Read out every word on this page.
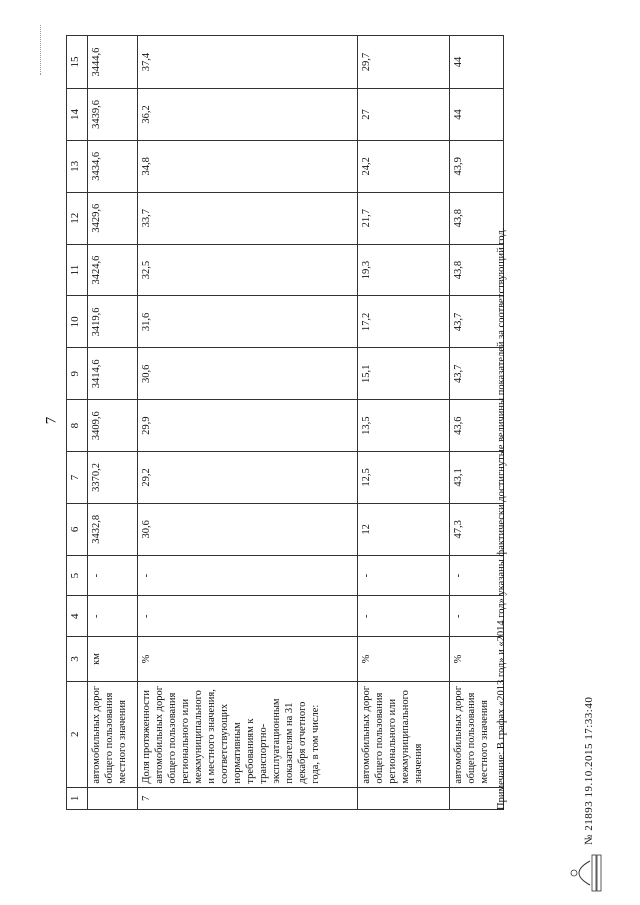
1	2	3	4	5	6	7	8	9	10	11	12	13	14	15
	автомобильных дорог общего пользования местного значения	км	-	-	3432,8	3370,2	3409,6	3414,6	3419,6	3424,6	3429,6	3434,6	3439,6	3444,6
7	Доля протяженности автомобильных дорог общего пользования регионального или межмуниципального и местного значения, соответствующих нормативным требованиям к транспортно-эксплуатационным показателям на 31 декабря отчетного года, в том числе:	%	-	-	30,6	29,2	29,9	30,6	31,6	32,5	33,7	34,8	36,2	37,4
	автомобильных дорог общего пользования регионального или межмуниципального значения	%	-	-	12	12,5	13,5	15,1	17,2	19,3	21,7	24,2	27	29,7
	автомобильных дорог общего пользования местного значения	%	-	-	47,3	43,1	43,6	43,7	43,7	43,8	43,8	43,9	44	44
Примечание: В графах «2013 год» и «2014 год» указаны фактически достигнутые величины показателей за соответствующий год.	№ 21893 19.10.2015 17:33:40
7
